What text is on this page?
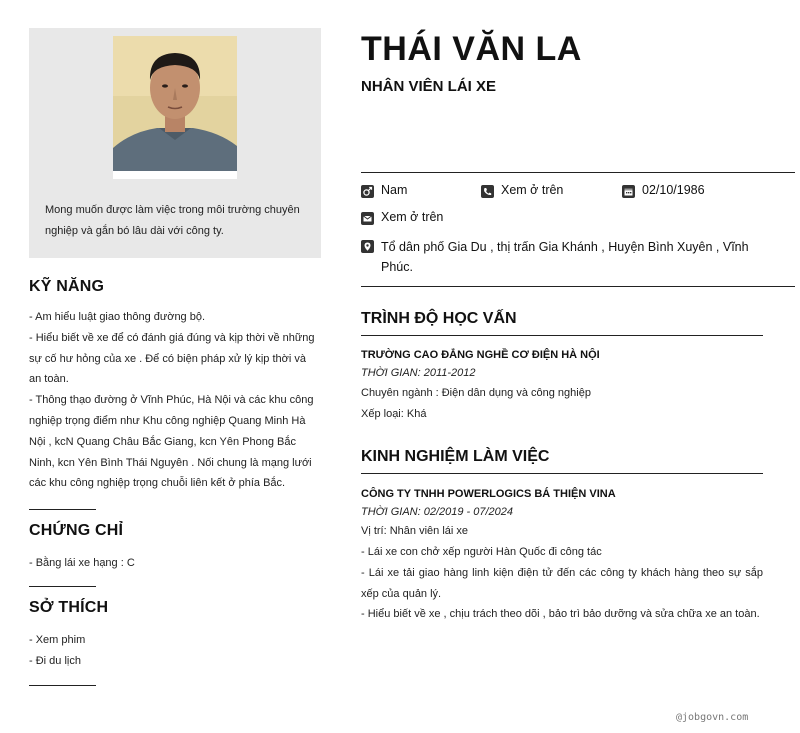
Mong muốn được làm việc trong môi trường chuyên nghiệp và gắn bó lâu dài với công ty.
KỸ NĂNG
- Am hiểu luật giao thông đường bộ.
- Hiểu biết về xe để có đánh giá đúng và kịp thời về những sự cố hư hỏng của xe . Để có biện pháp xử lý kịp thời và an toàn.
- Thông thạo đường ở Vĩnh Phúc, Hà Nội và các khu công nghiệp trọng điểm như Khu công nghiệp Quang Minh Hà Nội , kcN Quang Châu Bắc Giang, kcn Yên Phong Bắc Ninh, kcn Yên Bình Thái Nguyên . Nối chung là mạng lưới các khu công nghiệp trọng chuỗi liên kết ở phía Bắc.
CHỨNG CHỈ
- Bằng lái xe hạng : C
SỞ THÍCH
- Xem phim
- Đi du lịch
THÁI VĂN LA
NHÂN VIÊN LÁI XE
Nam	Xem ở trên	02/10/1986
Xem ở trên
Tổ dân phố Gia Du , thị trấn Gia Khánh , Huyện Bình Xuyên , Vĩnh Phúc.
TRÌNH ĐỘ HỌC VẤN
TRƯỜNG CAO ĐẲNG NGHỀ CƠ ĐIỆN HÀ NỘI
THỜI GIAN: 2011-2012
Chuyên ngành : Điện dân dụng và công nghiệp
Xếp loại: Khá
KINH NGHIỆM LÀM VIỆC
CÔNG TY TNHH POWERLOGICS BÁ THIỆN VINA
THỜI GIAN: 02/2019 - 07/2024
Vị trí: Nhân viên lái xe
- Lái xe con chở xếp người Hàn Quốc đi công tác
- Lái xe tải giao hàng linh kiện điện tử đến các công ty khách hàng theo sự sắp xếp của quản lý.
- Hiểu biết về xe , chịu trách theo dõi , bảo trì bảo dưỡng và sửa chữa xe an toàn.
@jobgovn.com
